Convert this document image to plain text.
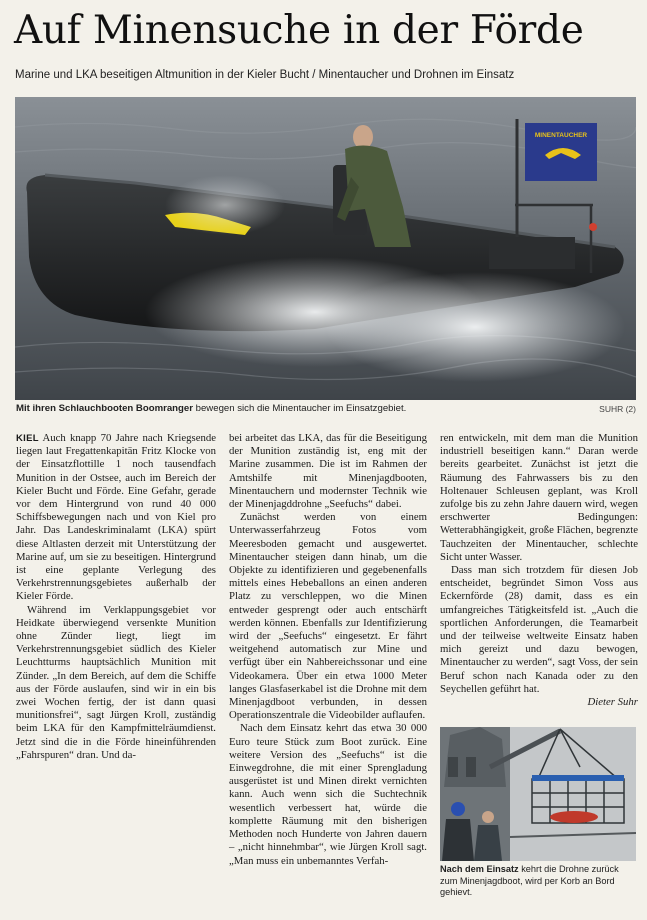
Auf Minensuche in der Förde
Marine und LKA beseitigen Altmunition in der Kieler Bucht / Minentaucher und Drohnen im Einsatz
MINENTAUCHER
Mit ihren Schlauchbooten Boomranger bewegen sich die Minentaucher im Einsatzgebiet.	SUHR (2)

KIEL Auch knapp 70 Jahre nach Kriegsende liegen laut Fregattenkapitän Fritz Klocke von der Einsatzflottille 1 noch tausendfach Munition in der Ostsee, auch im Bereich der Kieler Bucht und Förde. Eine Gefahr, gerade vor dem Hintergrund von rund 40 000 Schiffsbewegungen nach und von Kiel pro Jahr. Das Landeskriminalamt (LKA) spürt diese Altlasten derzeit mit Unterstützung der Marine auf, um sie zu beseitigen. Hintergrund ist eine geplante Verlegung des Verkehrstrennungsgebietes außerhalb der Kieler Förde.

Während im Verklappungsgebiet vor Heidkate überwiegend versenkte Munition ohne Zünder liegt, liegt im Verkehrstrennungsgebiet südlich des Kieler Leuchtturms hauptsächlich Munition mit Zünder. „In dem Bereich, auf dem die Schiffe aus der Förde auslaufen, sind wir in ein bis zwei Wochen fertig, der ist dann quasi munitionsfrei“, sagt Jürgen Kroll, zuständig beim LKA für den Kampfmittelräumdienst. Jetzt sind die in die Förde hineinführenden „Fahrspuren“ dran. Und da-

bei arbeitet das LKA, das für die Beseitigung der Munition zuständig ist, eng mit der Marine zusammen. Die ist im Rahmen der Amtshilfe mit Minenjagdbooten, Minentauchern und modernster Technik wie der Minenjagddrohne „Seefuchs“ dabei.

Zunächst werden von einem Unterwasserfahrzeug Fotos vom Meeresboden gemacht und ausgewertet. Minentaucher steigen dann hinab, um die Objekte zu identifizieren und gegebenenfalls mittels eines Hebeballons an einen anderen Platz zu verschleppen, wo die Minen entweder gesprengt oder auch entschärft werden können. Ebenfalls zur Identifizierung wird der „Seefuchs“ eingesetzt. Er fährt weitgehend automatisch zur Mine und verfügt über ein Nahbereichssonar und eine Videokamera. Über ein etwa 1000 Meter langes Glasfaserkabel ist die Drohne mit dem Minenjagdboot verbunden, in dessen Operationszentrale die Videobilder auflaufen.

Nach dem Einsatz kehrt das etwa 30 000 Euro teure Stück zum Boot zurück. Eine weitere Version des „Seefuchs“ ist die Einwegdrohne, die mit einer Sprengladung ausgerüstet ist und Minen direkt vernichten kann. Auch wenn sich die Suchtechnik wesentlich verbessert hat, würde die komplette Räumung mit den bisherigen Methoden noch Hunderte von Jahren dauern – „nicht hinnehmbar“, wie Jürgen Kroll sagt. „Man muss ein unbemanntes Verfah-

ren entwickeln, mit dem man die Munition industriell beseitigen kann.“ Daran werde bereits gearbeitet. Zunächst ist jetzt die Räumung des Fahrwassers bis zu den Holtenauer Schleusen geplant, was Kroll zufolge bis zu zehn Jahre dauern wird, wegen erschwerter Bedingungen: Wetterabhängigkeit, große Flächen, begrenzte Tauchzeiten der Minentaucher, schlechte Sicht unter Wasser.

Dass man sich trotzdem für diesen Job entscheidet, begründet Simon Voss aus Eckernförde (28) damit, dass es ein umfangreiches Tätigkeitsfeld ist. „Auch die sportlichen Anforderungen, die Teamarbeit und der teilweise weltweite Einsatz haben mich gereizt und dazu bewogen, Minentaucher zu werden“, sagt Voss, der sein Beruf schon nach Kanada oder zu den Seychellen geführt hat.

Dieter Suhr
Nach dem Einsatz kehrt die Drohne zurück zum Minenjagdboot, wird per Korb an Bord gehievt.
